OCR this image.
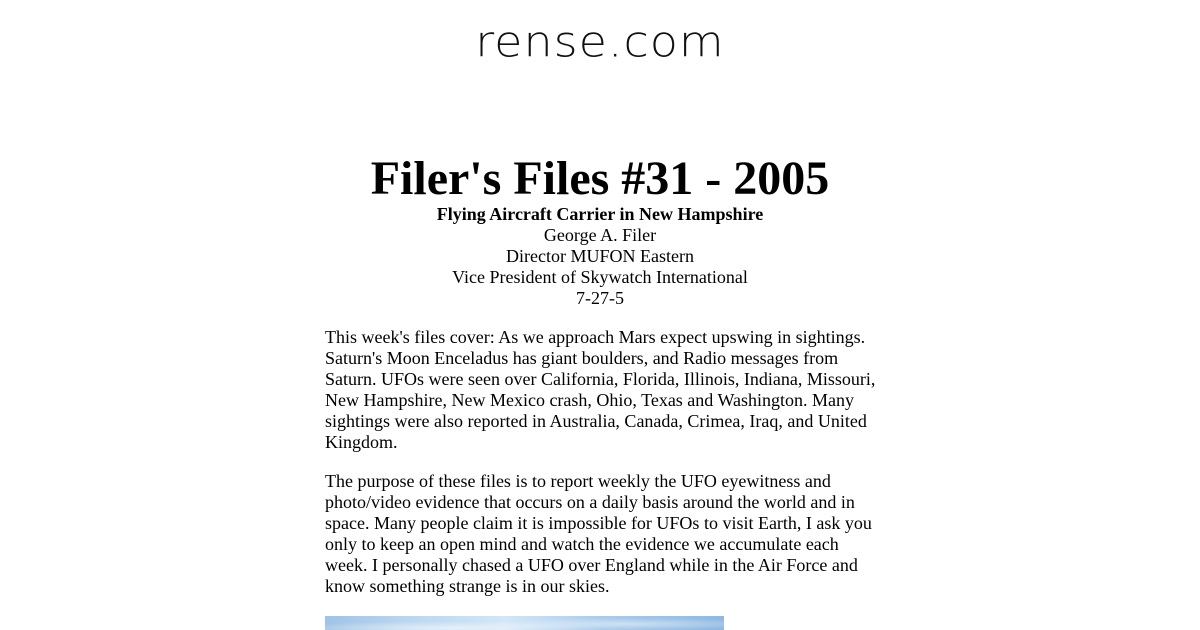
rense.com
Filer's Files #31 - 2005
Flying Aircraft Carrier in New Hampshire
George A. Filer
Director MUFON Eastern
Vice President of Skywatch International
7-27-5

This week's files cover: As we approach Mars expect upswing in sightings. Saturn's Moon Enceladus has giant boulders, and Radio messages from Saturn. UFOs were seen over California, Florida, Illinois, Indiana, Missouri, New Hampshire, New Mexico crash, Ohio, Texas and Washington. Many sightings were also reported in Australia, Canada, Crimea, Iraq, and United Kingdom.

The purpose of these files is to report weekly the UFO eyewitness and photo/video evidence that occurs on a daily basis around the world and in space. Many people claim it is impossible for UFOs to visit Earth, I ask you only to keep an open mind and watch the evidence we accumulate each week. I personally chased a UFO over England while in the Air Force and know something strange is in our skies.
